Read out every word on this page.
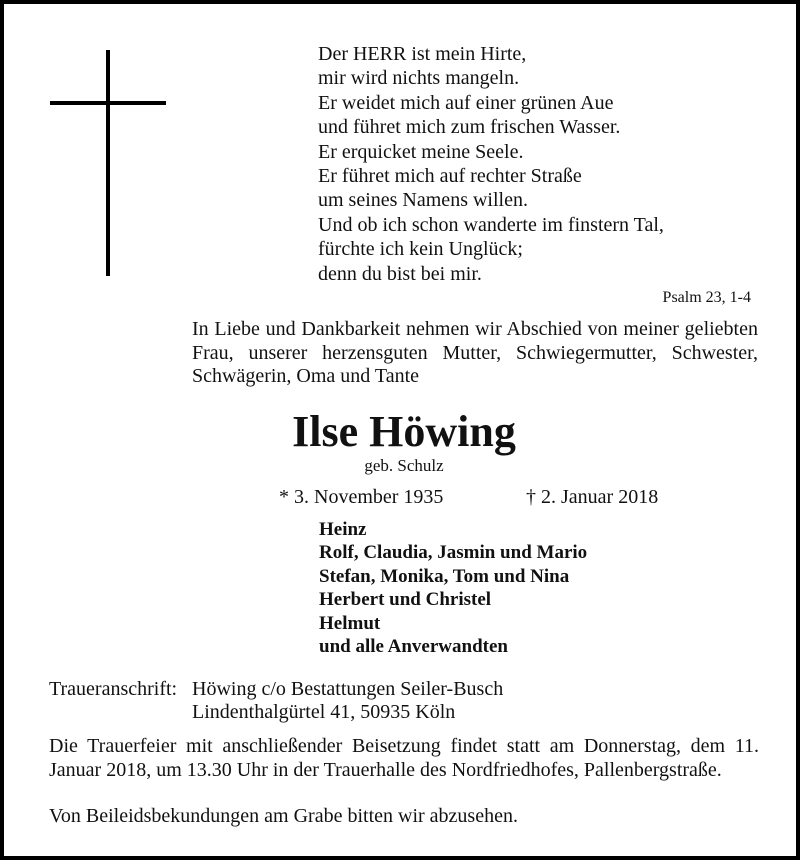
Der HERR ist mein Hirte,
mir wird nichts mangeln.
Er weidet mich auf einer grünen Aue
und führet mich zum frischen Wasser.
Er erquicket meine Seele.
Er führet mich auf rechter Straße
um seines Namens willen.
Und ob ich schon wanderte im finstern Tal,
fürchte ich kein Unglück;
denn du bist bei mir.
Psalm 23, 1-4
In Liebe und Dankbarkeit nehmen wir Abschied von meiner geliebten Frau, unserer herzensguten Mutter, Schwiegermutter, Schwester, Schwägerin, Oma und Tante
Ilse Höwing
geb. Schulz
* 3. November 1935	† 2. Januar 2018
Heinz
Rolf, Claudia, Jasmin und Mario
Stefan, Monika, Tom und Nina
Herbert und Christel
Helmut
und alle Anverwandten
Traueranschrift: Höwing c/o Bestattungen Seiler-Busch
Lindenthalgürtel 41, 50935 Köln
Die Trauerfeier mit anschließender Beisetzung findet statt am Donnerstag, dem 11. Januar 2018, um 13.30 Uhr in der Trauerhalle des Nordfriedhofes, Pallenbergstraße.
Von Beileidsbekundungen am Grabe bitten wir abzusehen.
